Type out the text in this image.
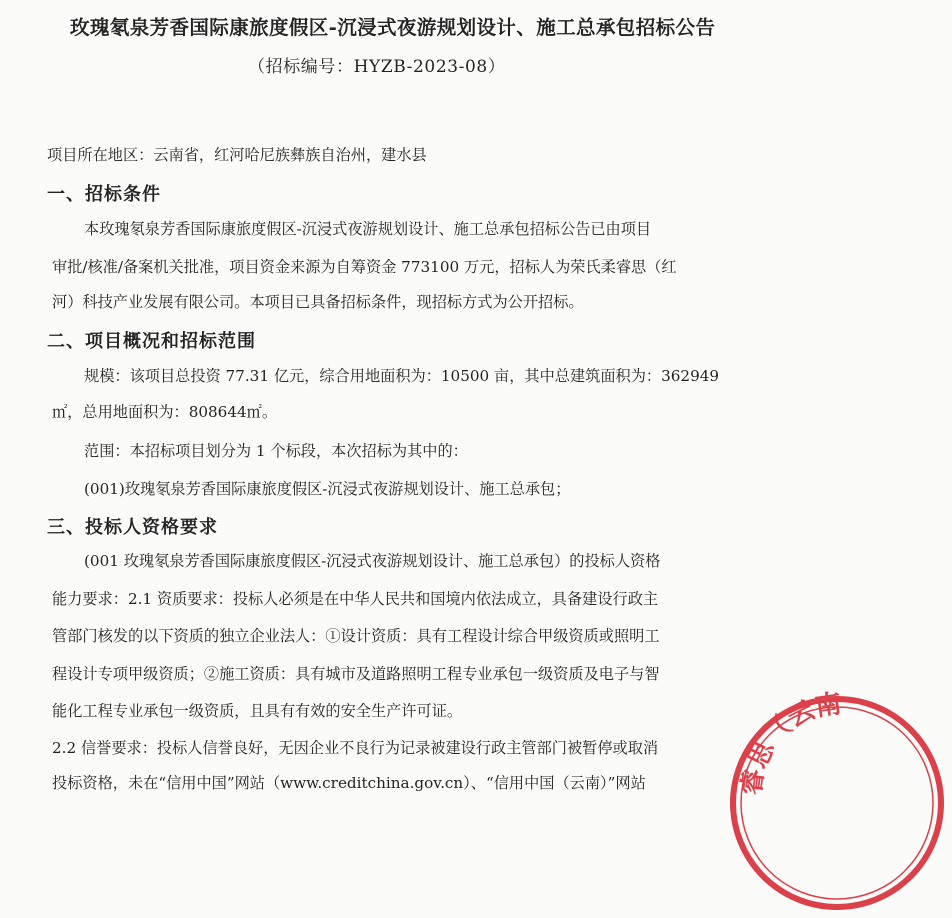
玫瑰氡泉芳香国际康旅度假区-沉浸式夜游规划设计、施工总承包招标公告
（招标编号：HYZB-2023-08）
项目所在地区：云南省，红河哈尼族彝族自治州，建水县
一、招标条件
本玫瑰氡泉芳香国际康旅度假区-沉浸式夜游规划设计、施工总承包招标公告已由项目
审批/核准/备案机关批准，项目资金来源为自筹资金 773100 万元，招标人为荣氏柔睿思（红
河）科技产业发展有限公司。本项目已具备招标条件，现招标方式为公开招标。
二、项目概况和招标范围
规模：该项目总投资 77.31 亿元，综合用地面积为：10500 亩，其中总建筑面积为：362949
㎡，总用地面积为：808644㎡。
范围：本招标项目划分为 1 个标段，本次招标为其中的：
(001)玫瑰氡泉芳香国际康旅度假区-沉浸式夜游规划设计、施工总承包；
三、投标人资格要求
(001 玫瑰氡泉芳香国际康旅度假区-沉浸式夜游规划设计、施工总承包）的投标人资格
能力要求：2.1 资质要求：投标人必须是在中华人民共和国境内依法成立，具备建设行政主
管部门核发的以下资质的独立企业法人：①设计资质：具有工程设计综合甲级资质或照明工
程设计专项甲级资质；②施工资质：具有城市及道路照明工程专业承包一级资质及电子与智
能化工程专业承包一级资质，且具有有效的安全生产许可证。
2.2 信誉要求：投标人信誉良好，无因企业不良行为记录被建设行政主管部门被暂停或取消
投标资格，未在“信用中国”网站（www.creditchina.gov.cn）、“信用中国（云南）”网站	睿思（云南
